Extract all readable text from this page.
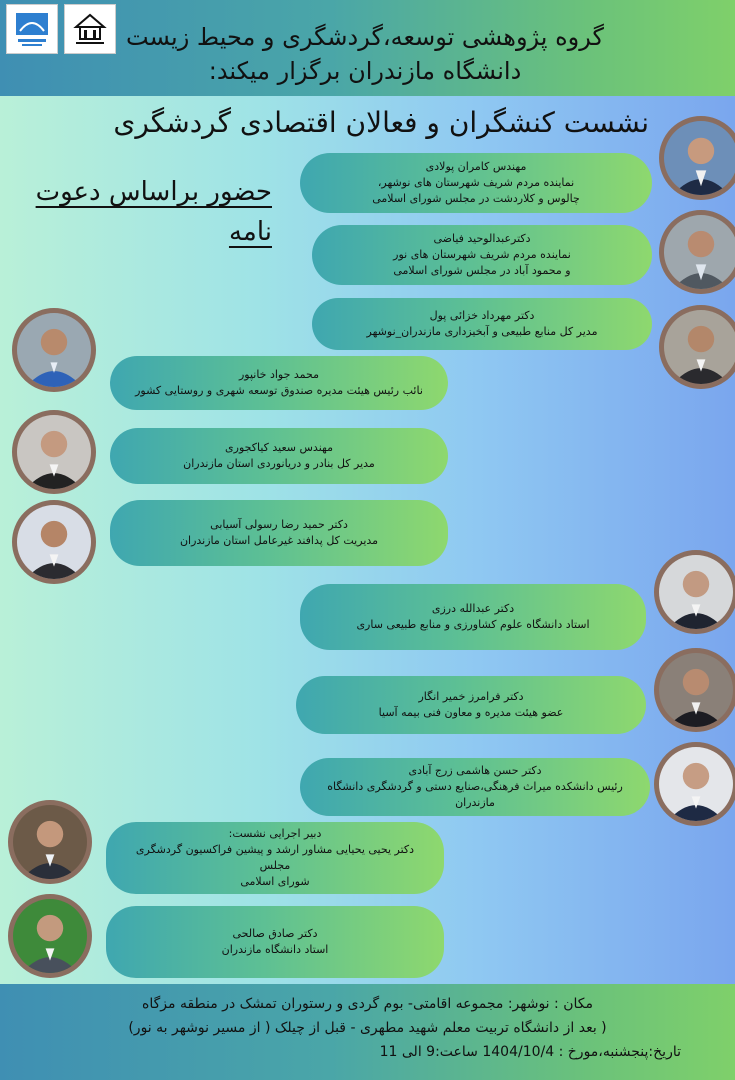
گروه پژوهشی توسعه،گردشگری و محیط زیست
دانشگاه مازندران برگزار میکند:
نشست کنشگران و فعالان اقتصادی گردشگری
حضور براساس دعوت
نامه
مهندس کامران پولادی
نماینده مردم شریف شهرستان های نوشهر،
چالوس و کلاردشت در مجلس شورای اسلامی
دکترعبدالوحید فیاضی
نماینده مردم شریف شهرستان های نور
و محمود آباد در مجلس شورای اسلامی
دکتر مهرداد خزائی پول
مدیر کل منابع طبیعی و آبخیزداری مازندران_نوشهر
محمد جواد خانپور
نائب رئیس هیئت مدیره صندوق توسعه شهری و روستایی کشور
مهندس سعید کیاکجوری
مدیر کل بنادر و دریانوردی استان مازندران
دکتر حمید رضا رسولی آسیابی
مدیریت کل پدافند غیرعامل استان مازندران
دکتر عبدالله درزی
استاد دانشگاه علوم کشاورزی و منابع طبیعی ساری
دکتر فرامرز خمیر انگار
عضو هیئت مدیره و معاون فنی بیمه آسیا
دکتر حسن هاشمی زرج آبادی
رئیس دانشکده میراث فرهنگی،صنایع دستی و گردشگری دانشگاه
مازندران
دبیر اجرایی نشست:
دکتر یحیی یحیایی مشاور ارشد و پیشین فراکسیون گردشگری مجلس
شورای اسلامی
دکتر صادق صالحی
استاد دانشگاه مازندران

مکان : نوشهر: مجموعه اقامتی- بوم گردی و رستوران تمشک در منطقه مزگاه

( بعد از دانشگاه تربیت معلم شهید مطهری - قبل از چیلک ( از مسیر نوشهر به نور)

تاریخ:پنجشنبه،مورخ : 1404/10/4 ساعت:9 الی 11
